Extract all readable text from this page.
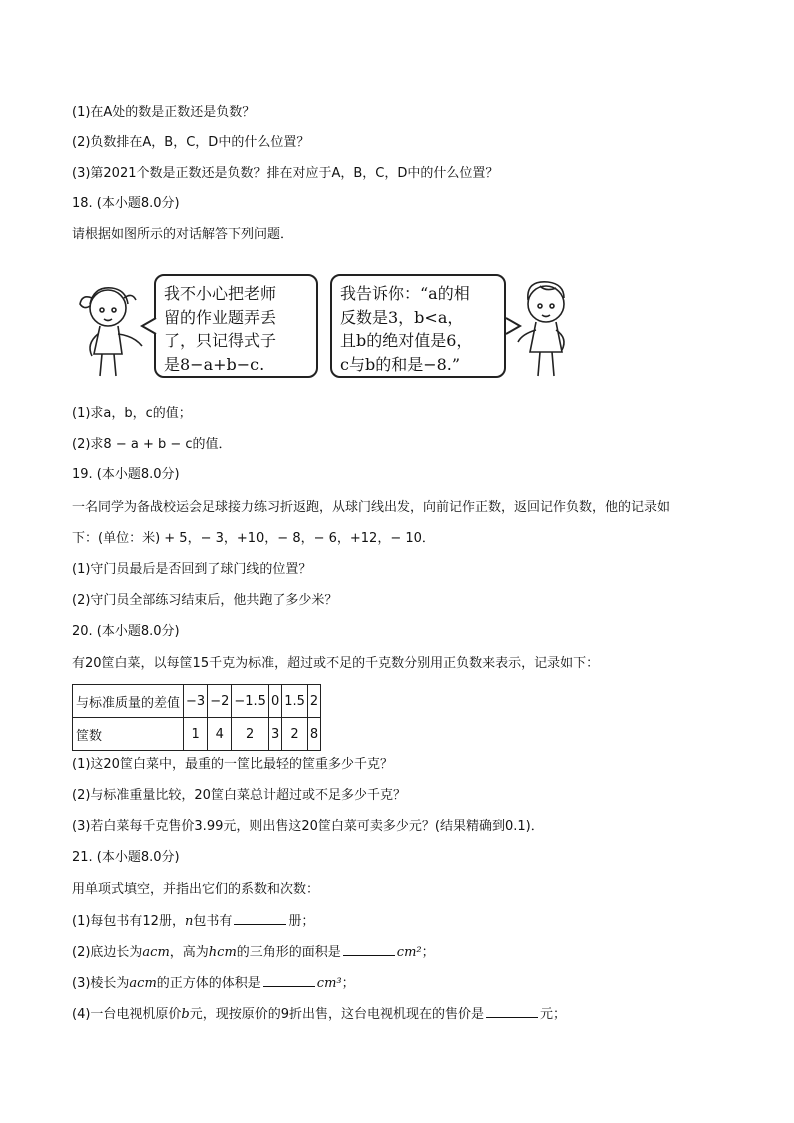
(1)在A处的数是正数还是负数？
(2)负数排在A，B，C，D中的什么位置？
(3)第2021个数是正数还是负数？排在对应于A，B，C，D中的什么位置？
18. (本小题8.0分)
请根据如图所示的对话解答下列问题．
我不小心把老师
留的作业题弄丢
了，只记得式子
是8−a+b−c.
我告诉你：“a的相
反数是3，b<a，
且b的绝对值是6，
c与b的和是−8.”
(1)求a，b，c的值；
(2)求8 − a + b − c的值．
19. (本小题8.0分)
一名同学为备战校运会足球接力练习折返跑，从球门线出发，向前记作正数，返回记作负数，他的记录如
下：(单位：米) + 5，− 3，+10，− 8，− 6，+12，− 10．
(1)守门员最后是否回到了球门线的位置？
(2)守门员全部练习结束后，他共跑了多少米？
20. (本小题8.0分)
有20筐白菜，以每筐15千克为标准，超过或不足的千克数分别用正负数来表示，记录如下：
与标准质量的差值	−3	−2	−1.5	0	1.5	2
筐数	1	4	2	3	2	8
(1)这20筐白菜中，最重的一筐比最轻的筐重多少千克？
(2)与标准重量比较，20筐白菜总计超过或不足多少千克？
(3)若白菜每千克售价3.99元，则出售这20筐白菜可卖多少元？(结果精确到0.1)．
21. (本小题8.0分)
用单项式填空，并指出它们的系数和次数：
(1)每包书有12册，n包书有	册；
(2)底边长为acm，高为hcm的三角形的面积是	cm²；
(3)棱长为acm的正方体的体积是	cm³；
(4)一台电视机原价b元，现按原价的9折出售，这台电视机现在的售价是	元；
